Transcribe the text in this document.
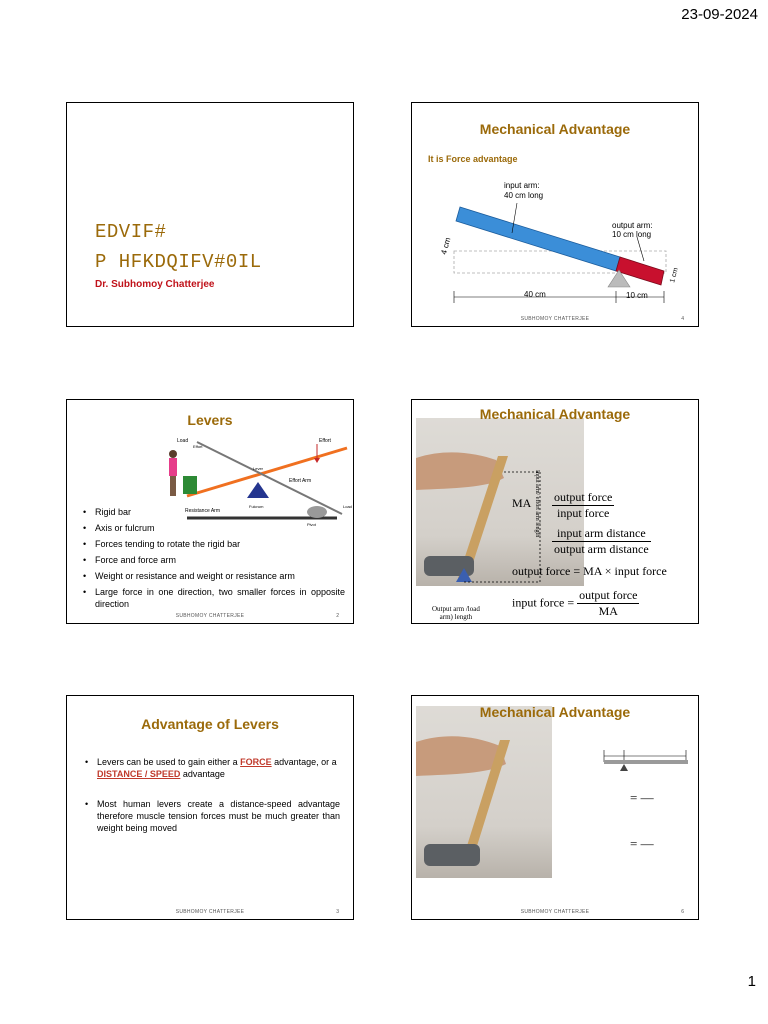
23-09-2024
EDVIF#
P HFKDQIFV#0IL
Dr. Subhomoy Chatterjee
Mechanical Advantage
It is Force advantage
input arm:
40 cm long
output arm:
10 cm long
4 cm
1 cm
40 cm	10 cm
SUBHOMOY CHATTERJEE	4
Levers
Load
Effort
Effort
Effort Arm
Resistance Arm
Fulcrum
Pivot
Load
Lever
• Rigid bar
• Axis or fulcrum
• Forces tending to rotate the rigid bar
• Force and force arm
• Weight or resistance and weight or resistance arm
• Large force in one direction, two smaller forces in opposite direction
SUBHOMOY CHATTERJEE	2
Mechanical Advantage
MA $\frac{\text{output force}}{\text{input force}}$
$\frac{\text{input arm distance}}{\text{output arm distance}}$
output force = MA × input force
input force = $\frac{\text{output force}}{MA}$
Input arm/ effort arm length
Output arm /load
arm) length
Advantage of Levers
• Levers can be used to gain either a FORCE advantage, or a DISTANCE / SPEED advantage
• Most human levers create a distance-speed advantage therefore muscle tension forces must be much greater than weight being moved
SUBHOMOY CHATTERJEE	3
Mechanical Advantage
= —
= —
SUBHOMOY CHATTERJEE	6
1
